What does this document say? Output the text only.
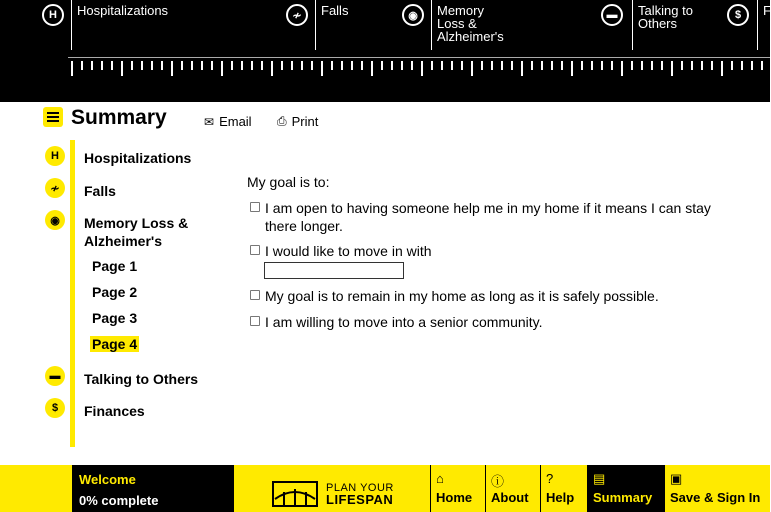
H	Hospitalizations	≁	Falls	◉	Memory
Loss &
Alzheimer's
▬	Talking to
Others
$	F
Summary	✉ Email ⎙ Print
H	Hospitalizations
≁	Falls
◉	Memory Loss & Alzheimer's
Page 1
Page 2
Page 3
Page 4
▬	Talking to Others
$	Finances
My goal is to:
I am open to having someone help me in my home if it means I can stay there longer.
I would like to move in with
My goal is to remain in my home as long as it is safely possible.
I am willing to move into a senior community.
Welcome
0% complete
PLAN YOUR
LIFESPAN
⌂
Home
ⓘ
About
?
Help
▤
Summary
▣
Save & Sign In
